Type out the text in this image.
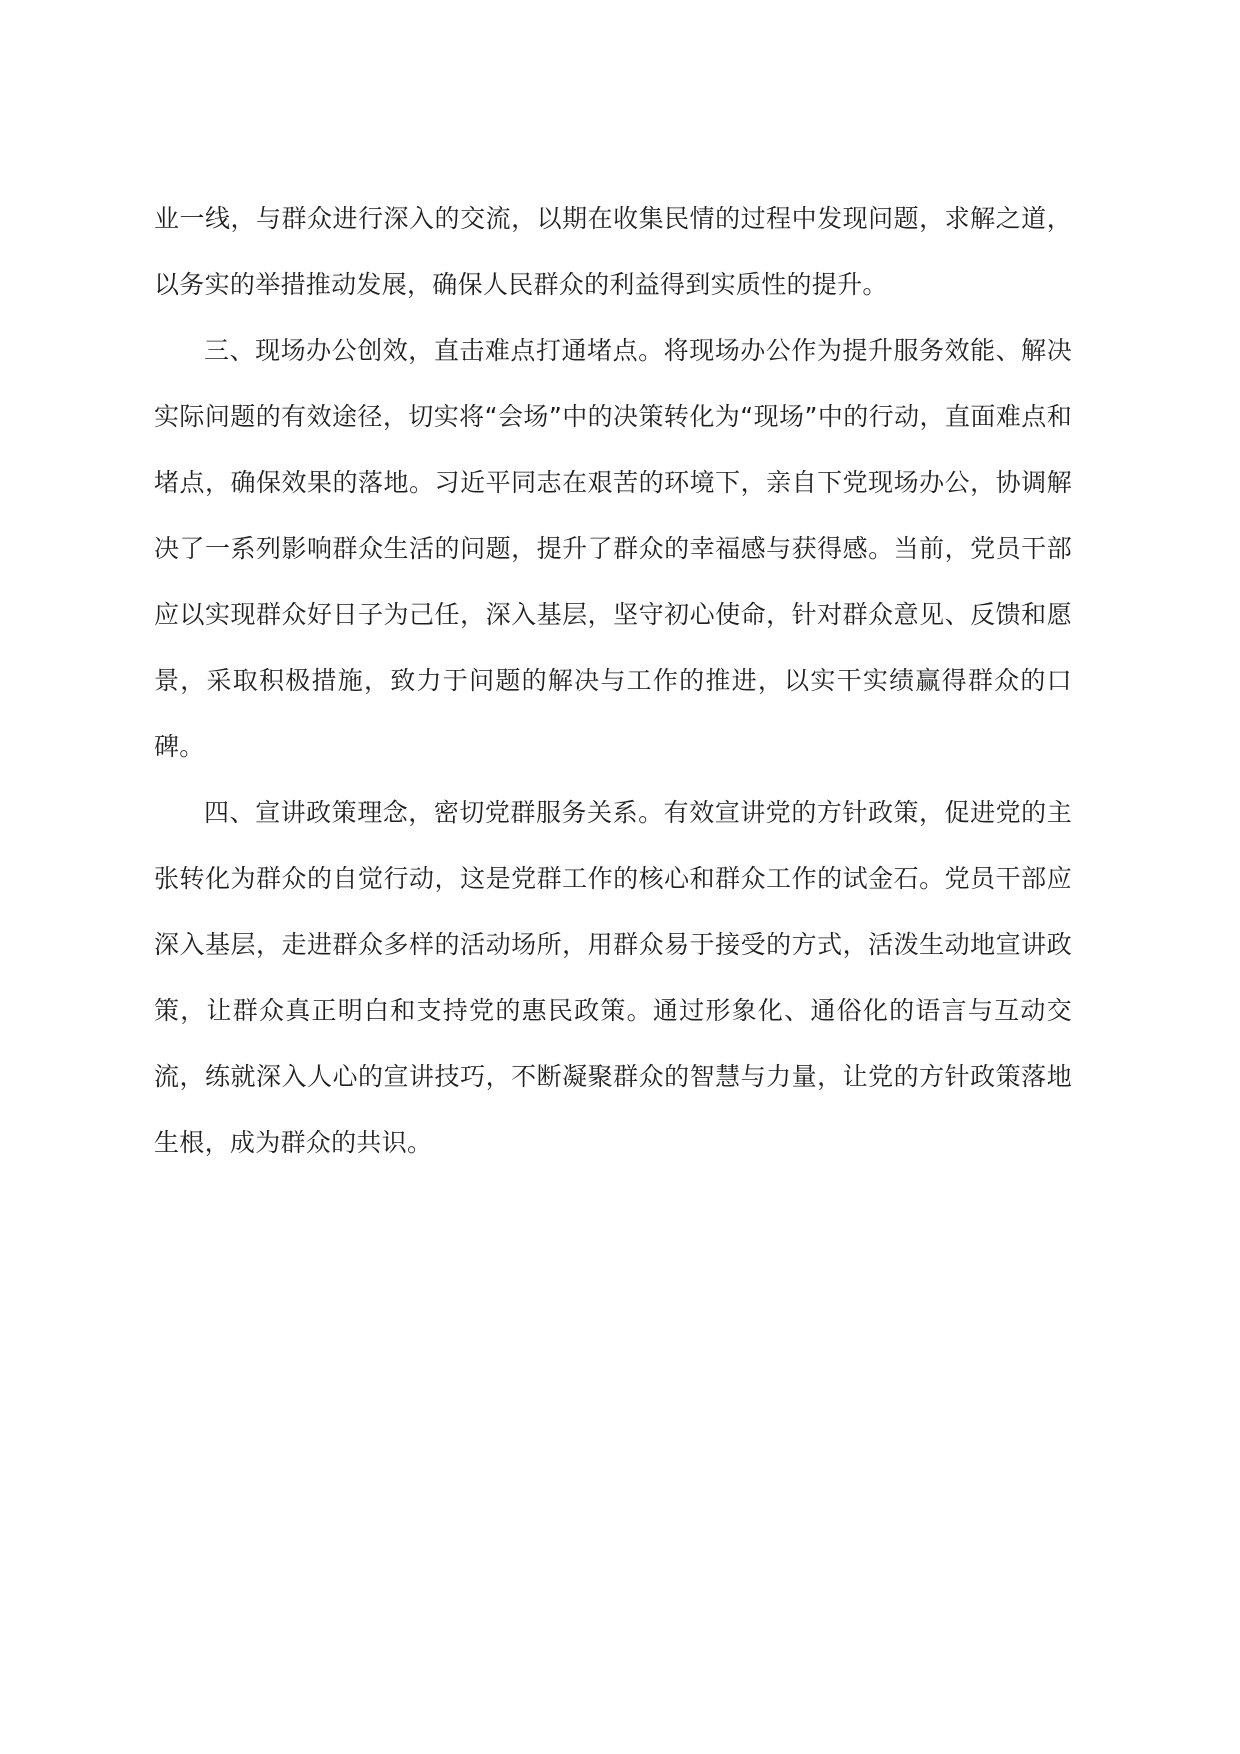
业一线，与群众进行深入的交流，以期在收集民情的过程中发现问题，求解之道，以务实的举措推动发展，确保人民群众的利益得到实质性的提升。

三、现场办公创效，直击难点打通堵点。将现场办公作为提升服务效能、解决实际问题的有效途径，切实将“会场”中的决策转化为“现场”中的行动，直面难点和堵点，确保效果的落地。习近平同志在艰苦的环境下，亲自下党现场办公，协调解决了一系列影响群众生活的问题，提升了群众的幸福感与获得感。当前，党员干部应以实现群众好日子为己任，深入基层，坚守初心使命，针对群众意见、反馈和愿景，采取积极措施，致力于问题的解决与工作的推进，以实干实绩赢得群众的口碑。

四、宣讲政策理念，密切党群服务关系。有效宣讲党的方针政策，促进党的主张转化为群众的自觉行动，这是党群工作的核心和群众工作的试金石。党员干部应深入基层，走进群众多样的活动场所，用群众易于接受的方式，活泼生动地宣讲政策，让群众真正明白和支持党的惠民政策。通过形象化、通俗化的语言与互动交流，练就深入人心的宣讲技巧，不断凝聚群众的智慧与力量，让党的方针政策落地生根，成为群众的共识。
